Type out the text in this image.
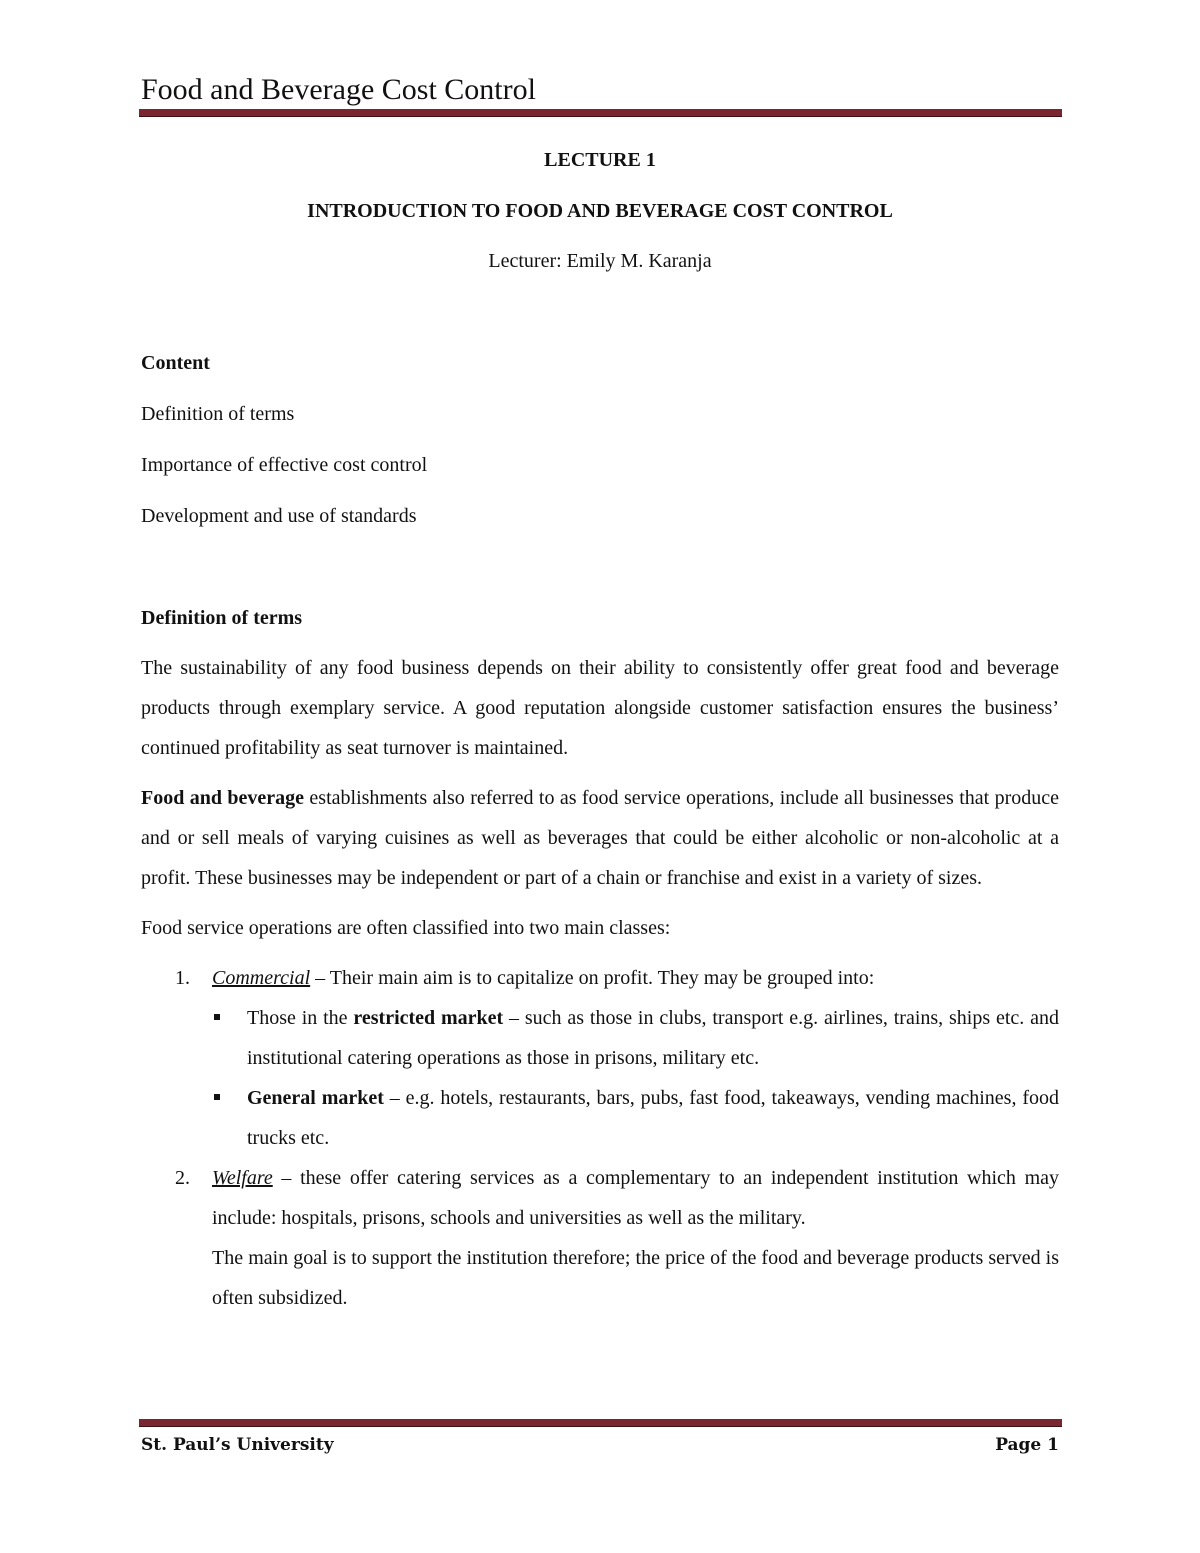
Food and Beverage Cost Control
LECTURE 1
INTRODUCTION TO FOOD AND BEVERAGE COST CONTROL
Lecturer: Emily M. Karanja
Content
Definition of terms
Importance of effective cost control
Development and use of standards
Definition of terms

The sustainability of any food business depends on their ability to consistently offer great food and beverage products through exemplary service. A good reputation alongside customer satisfaction ensures the business’ continued profitability as seat turnover is maintained.

Food and beverage establishments also referred to as food service operations, include all businesses that produce and or sell meals of varying cuisines as well as beverages that could be either alcoholic or non-alcoholic at a profit. These businesses may be independent or part of a chain or franchise and exist in a variety of sizes.

Food service operations are often classified into two main classes:

1. Commercial – Their main aim is to capitalize on profit. They may be grouped into:
Those in the restricted market – such as those in clubs, transport e.g. airlines, trains, ships etc. and institutional catering operations as those in prisons, military etc.
General market – e.g. hotels, restaurants, bars, pubs, fast food, takeaways, vending machines, food trucks etc.
2. Welfare – these offer catering services as a complementary to an independent institution which may include: hospitals, prisons, schools and universities as well as the military.
The main goal is to support the institution therefore; the price of the food and beverage products served is often subsidized.
St. Paul’s University	Page 1
